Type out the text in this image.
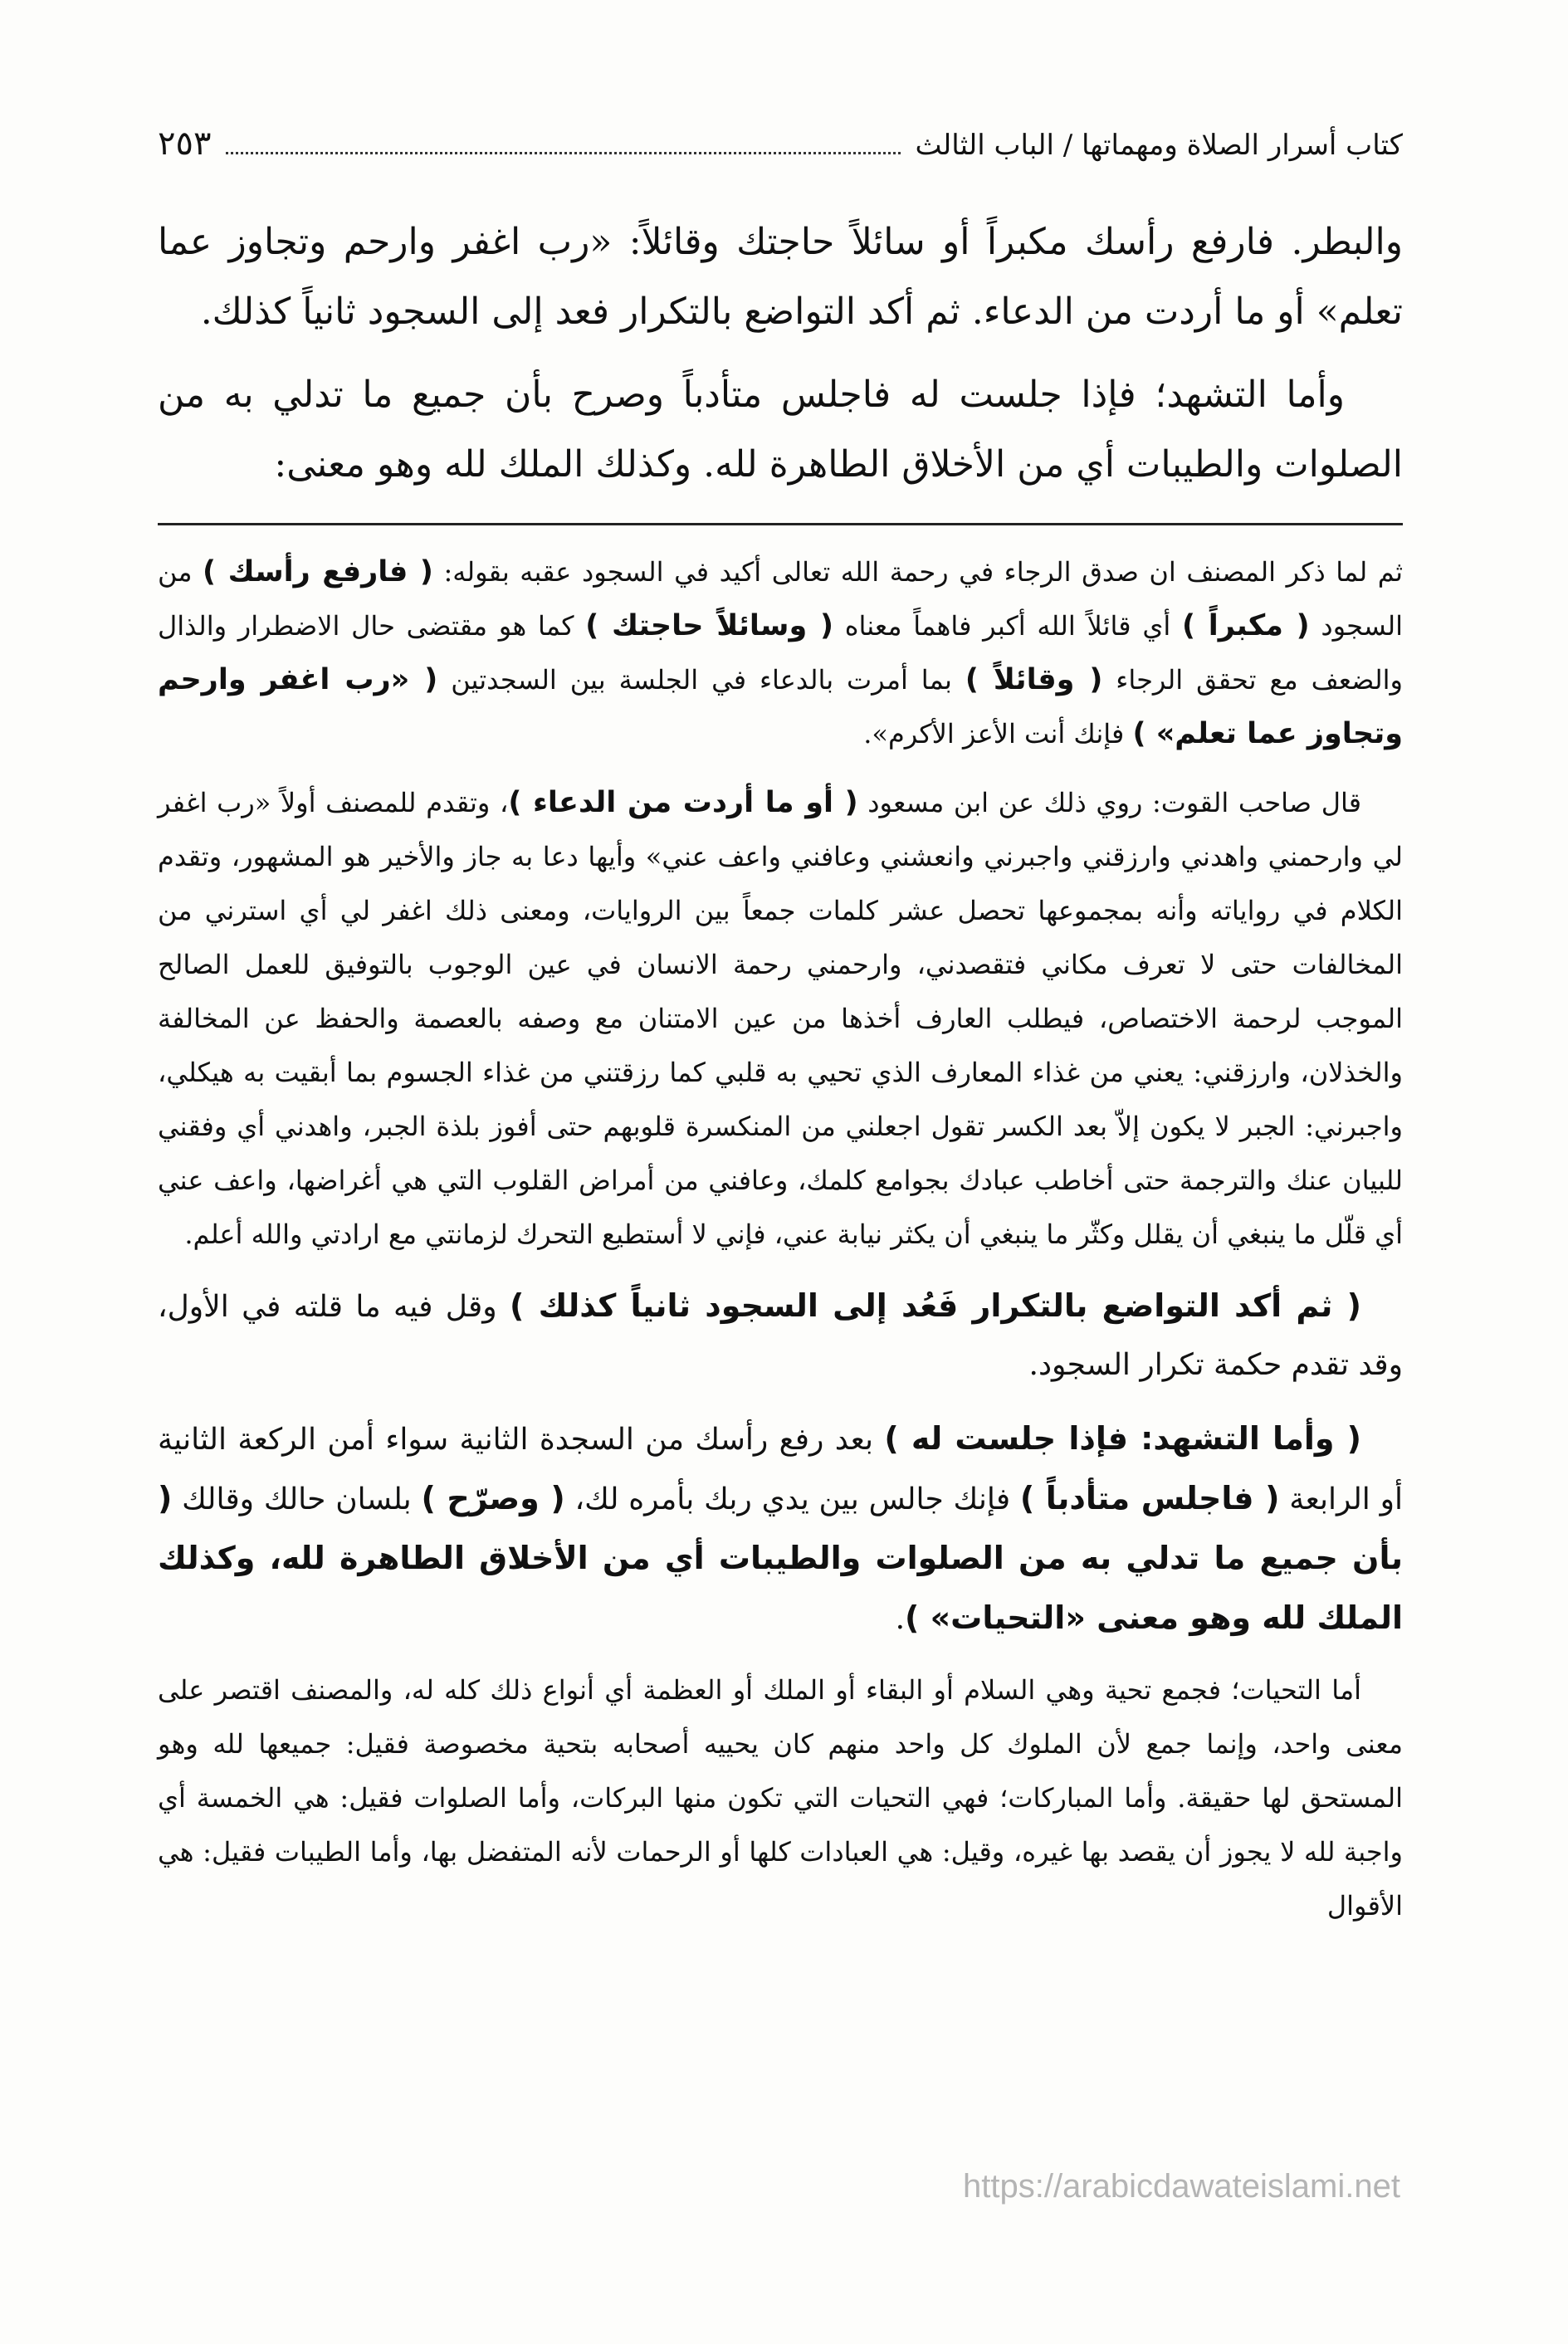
كتاب أسرار الصلاة ومهماتها / الباب الثالث
٢٥٣

والبطر. فارفع رأسك مكبراً أو سائلاً حاجتك وقائلاً: «رب اغفر وارحم وتجاوز عما تعلم» أو ما أردت من الدعاء. ثم أكد التواضع بالتكرار فعد إلى السجود ثانياً كذلك.

وأما التشهد؛ فإذا جلست له فاجلس متأدباً وصرح بأن جميع ما تدلي به من الصلوات والطيبات أي من الأخلاق الطاهرة لله. وكذلك الملك لله وهو معنى:

ثم لما ذكر المصنف ان صدق الرجاء في رحمة الله تعالى أكيد في السجود عقبه بقوله: ( فارفع رأسك ) من السجود ( مكبراً ) أي قائلاً الله أكبر فاهماً معناه ( وسائلاً حاجتك ) كما هو مقتضى حال الاضطرار والذال والضعف مع تحقق الرجاء ( وقائلاً ) بما أمرت بالدعاء في الجلسة بين السجدتين ( «رب اغفر وارحم وتجاوز عما تعلم» ) فإنك أنت الأعز الأكرم».

قال صاحب القوت: روي ذلك عن ابن مسعود ( أو ما أردت من الدعاء )، وتقدم للمصنف أولاً «رب اغفر لي وارحمني واهدني وارزقني واجبرني وانعشني وعافني واعف عني» وأيها دعا به جاز والأخير هو المشهور، وتقدم الكلام في رواياته وأنه بمجموعها تحصل عشر كلمات جمعاً بين الروايات، ومعنى ذلك اغفر لي أي استرني من المخالفات حتى لا تعرف مكاني فتقصدني، وارحمني رحمة الانسان في عين الوجوب بالتوفيق للعمل الصالح الموجب لرحمة الاختصاص، فيطلب العارف أخذها من عين الامتنان مع وصفه بالعصمة والحفظ عن المخالفة والخذلان، وارزقني: يعني من غذاء المعارف الذي تحيي به قلبي كما رزقتني من غذاء الجسوم بما أبقيت به هيكلي، واجبرني: الجبر لا يكون إلاّ بعد الكسر تقول اجعلني من المنكسرة قلوبهم حتى أفوز بلذة الجبر، واهدني أي وفقني للبيان عنك والترجمة حتى أخاطب عبادك بجوامع كلمك، وعافني من أمراض القلوب التي هي أغراضها، واعف عني أي قلّل ما ينبغي أن يقلل وكثّر ما ينبغي أن يكثر نيابة عني، فإني لا أستطيع التحرك لزمانتي مع ارادتي والله أعلم.

( ثم أكد التواضع بالتكرار فَعُد إلى السجود ثانياً كذلك ) وقل فيه ما قلته في الأول، وقد تقدم حكمة تكرار السجود.

( وأما التشهد: فإذا جلست له ) بعد رفع رأسك من السجدة الثانية سواء أمن الركعة الثانية أو الرابعة ( فاجلس متأدباً ) فإنك جالس بين يدي ربك بأمره لك، ( وصرّح ) بلسان حالك وقالك ( بأن جميع ما تدلي به من الصلوات والطيبات أي من الأخلاق الطاهرة لله، وكذلك الملك لله وهو معنى «التحيات» ).

أما التحيات؛ فجمع تحية وهي السلام أو البقاء أو الملك أو العظمة أي أنواع ذلك كله له، والمصنف اقتصر على معنى واحد، وإنما جمع لأن الملوك كل واحد منهم كان يحييه أصحابه بتحية مخصوصة فقيل: جميعها لله وهو المستحق لها حقيقة. وأما المباركات؛ فهي التحيات التي تكون منها البركات، وأما الصلوات فقيل: هي الخمسة أي واجبة لله لا يجوز أن يقصد بها غيره، وقيل: هي العبادات كلها أو الرحمات لأنه المتفضل بها، وأما الطيبات فقيل: هي الأقوال

https://arabicdawateislami.net
